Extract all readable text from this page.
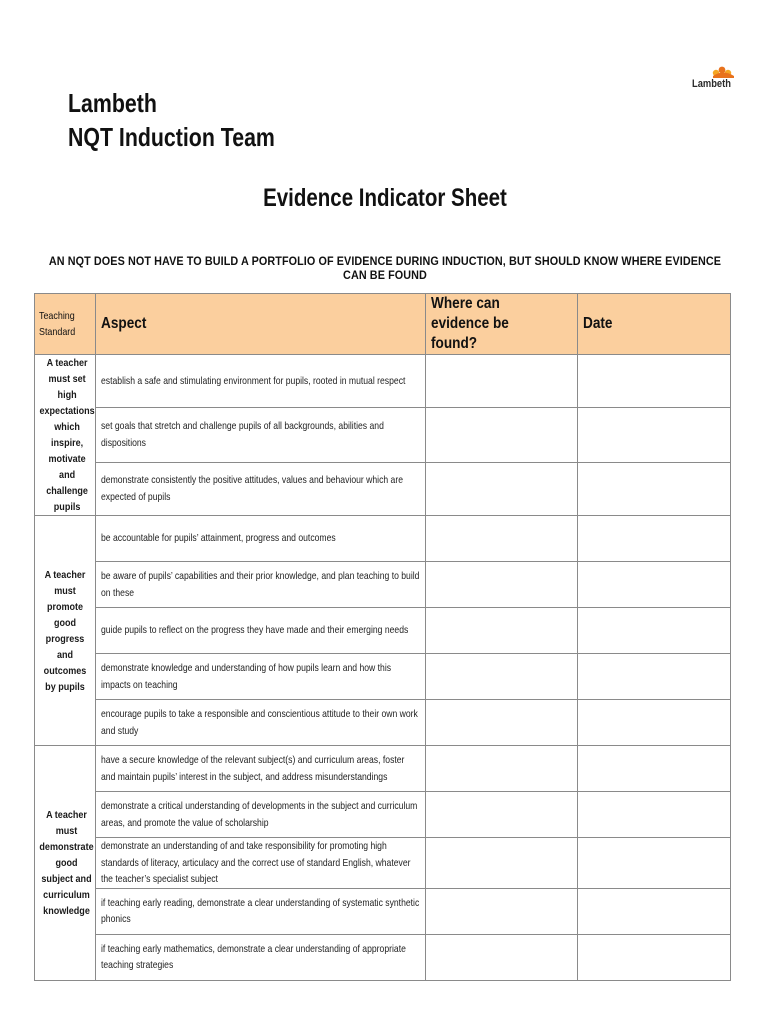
Lambeth
Lambeth
NQT Induction Team
Evidence Indicator Sheet
AN NQT DOES NOT HAVE TO BUILD A PORTFOLIO OF EVIDENCE DURING INDUCTION, BUT SHOULD KNOW WHERE EVIDENCE CAN BE FOUND
Teaching Standard	Aspect	Where can evidence be found?	Date
A teacher must set high expectations which inspire, motivate and challenge pupils	establish a safe and stimulating environment for pupils, rooted in mutual respect		

	set goals that stretch and challenge pupils of all backgrounds, abilities and dispositions		

	demonstrate consistently the positive attitudes, values and behaviour which are expected of pupils		

A teacher must promote good progress and outcomes by pupils	be accountable for pupils’ attainment, progress and outcomes		

	be aware of pupils’ capabilities and their prior knowledge, and plan teaching to build on these		

	guide pupils to reflect on the progress they have made and their emerging needs		

	demonstrate knowledge and understanding of how pupils learn and how this impacts on teaching		

	encourage pupils to take a responsible and conscientious attitude to their own work and study		

A teacher must demonstrate good subject and curriculum knowledge	have a secure knowledge of the relevant subject(s) and curriculum areas, foster and maintain pupils’ interest in the subject, and address misunderstandings		

	demonstrate a critical understanding of developments in the subject and curriculum areas, and promote the value of scholarship		

	demonstrate an understanding of and take responsibility for promoting high standards of literacy, articulacy and the correct use of standard English, whatever the teacher’s specialist subject		

	if teaching early reading, demonstrate a clear understanding of systematic synthetic phonics		

	if teaching early mathematics, demonstrate a clear understanding of appropriate teaching strategies		
